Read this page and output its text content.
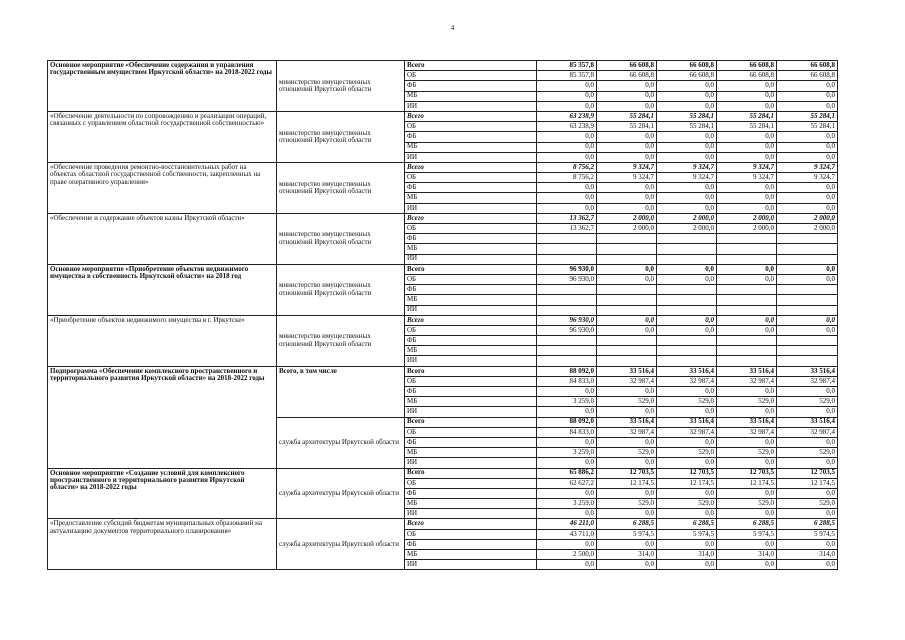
4
Основное мероприятие «Обеспечение содержания и управления государственным имуществом Иркутской области» на 2018-2022 годы	министерство имущественных отношений Иркутской области	Всего	85 357,8	66 608,8	66 608,8	66 608,8	66 608,8
		ОБ	85 357,8	66 608,8	66 608,8	66 608,8	66 608,8
		ФБ	0,0	0,0	0,0	0,0	0,0
		МБ	0,0	0,0	0,0	0,0	0,0
		ИИ	0,0	0,0	0,0	0,0	0,0
«Обеспечение деятельности по сопровождению и реализации операций, связанных с управлением областной государственной собственностью»	министерство имущественных отношений Иркутской области	Всего	63 238,9	55 284,1	55 284,1	55 284,1	55 284,1
		ОБ	63 238,9	55 284,1	55 284,1	55 284,1	55 284,1
		ФБ	0,0	0,0	0,0	0,0	0,0
		МБ	0,0	0,0	0,0	0,0	0,0
		ИИ	0,0	0,0	0,0	0,0	0,0
«Обеспечение проведения ремонтно-восстановительных работ на объектах областной государственной собственности, закрепленных на праве оперативного управления»	министерство имущественных отношений Иркутской области	Всего	8 756,2	9 324,7	9 324,7	9 324,7	9 324,7
		ОБ	8 756,2	9 324,7	9 324,7	9 324,7	9 324,7
		ФБ	0,0	0,0	0,0	0,0	0,0
		МБ	0,0	0,0	0,0	0,0	0,0
		ИИ	0,0	0,0	0,0	0,0	0,0
«Обеспечение и содержание объектов казны Иркутской области»	министерство имущественных отношений Иркутской области	Всего	13 362,7	2 000,0	2 000,0	2 000,0	2 000,0
		ОБ	13 362,7	2 000,0	2 000,0	2 000,0	2 000,0
		ФБ					
		МБ					
		ИИ					
Основное мероприятие «Приобретение объектов недвижимого имущества в собственность Иркутской области» на 2018 год	министерство имущественных отношений Иркутской области	Всего	96 930,0	0,0	0,0	0,0	0,0
		ОБ	96 930,0	0,0	0,0	0,0	0,0
		ФБ					
		МБ					
		ИИ					
«Приобретение объектов недвижимого имущества в г. Иркутске»	министерство имущественных отношений Иркутской области	Всего	96 930,0	0,0	0,0	0,0	0,0
		ОБ	96 930,0	0,0	0,0	0,0	0,0
		ФБ					
		МБ					
		ИИ					
Подпрограмма «Обеспечение комплексного пространственного и территориального развития Иркутской области» на 2018-2022 годы	Всего, в том числе	Всего	88 092,0	33 516,4	33 516,4	33 516,4	33 516,4
		ОБ	84 833,0	32 987,4	32 987,4	32 987,4	32 987,4
		ФБ	0,0	0,0	0,0	0,0	0,0
		МБ	3 259,0	529,0	529,0	529,0	529,0
		ИИ	0,0	0,0	0,0	0,0	0,0
	служба архитектуры Иркутской области	Всего	88 092,0	33 516,4	33 516,4	33 516,4	33 516,4
		ОБ	84 833,0	32 987,4	32 987,4	32 987,4	32 987,4
		ФБ	0,0	0,0	0,0	0,0	0,0
		МБ	3 259,0	529,0	529,0	529,0	529,0
		ИИ	0,0	0,0	0,0	0,0	0,0
Основное мероприятие «Создание условий для комплексного пространственного и территориального развития Иркутской области» на 2018-2022 годы	служба архитектуры Иркутской области	Всего	65 886,2	12 703,5	12 703,5	12 703,5	12 703,5
		ОБ	62 627,2	12 174,5	12 174,5	12 174,5	12 174,5
		ФБ	0,0	0,0	0,0	0,0	0,0
		МБ	3 259,0	529,0	529,0	529,0	529,0
		ИИ	0,0	0,0	0,0	0,0	0,0
«Предоставление субсидий бюджетам муниципальных образований на актуализацию документов территориального планирования»	служба архитектуры Иркутской области	Всего	46 211,0	6 288,5	6 288,5	6 288,5	6 288,5
		ОБ	43 711,0	5 974,5	5 974,5	5 974,5	5 974,5
		ФБ	0,0	0,0	0,0	0,0	0,0
		МБ	2 500,0	314,0	314,0	314,0	314,0
		ИИ	0,0	0,0	0,0	0,0	0,0
